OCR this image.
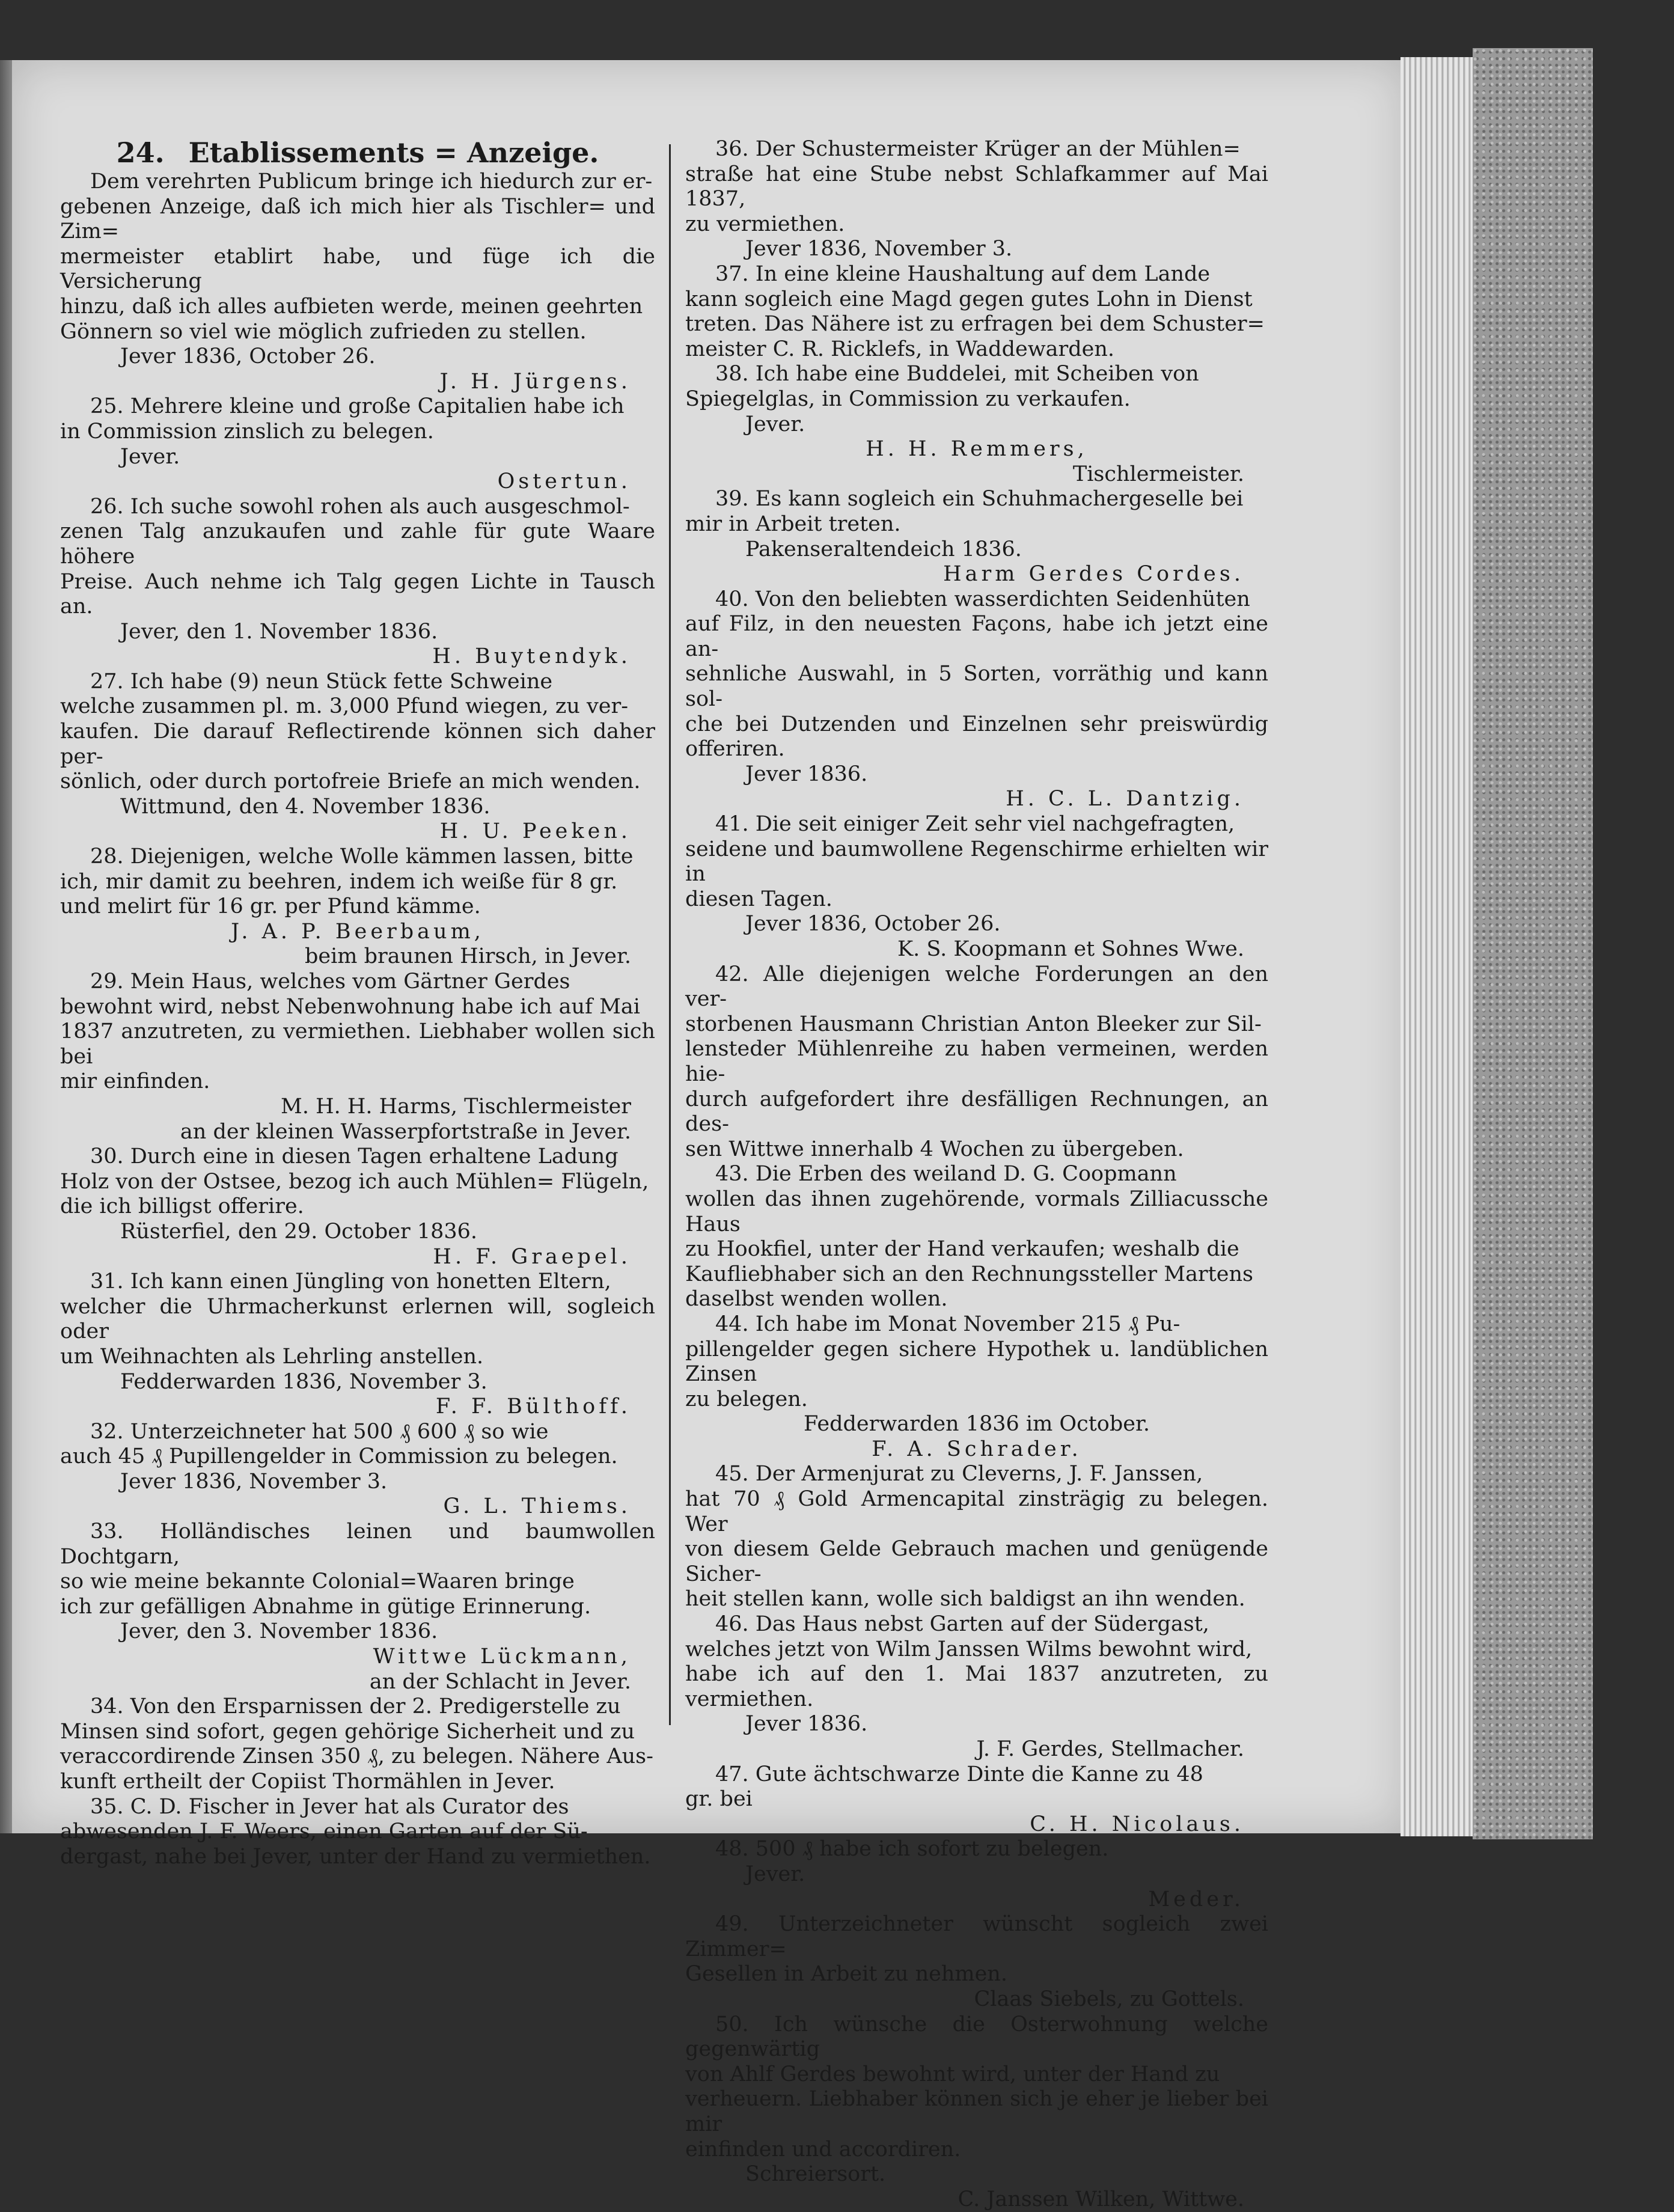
24. Etablissements = Anzeige.

Dem verehrten Publicum bringe ich hiedurch zur er-

gebenen Anzeige, daß ich mich hier als Tischler= und Zim=

mermeister etablirt habe, und füge ich die Versicherung

hinzu, daß ich alles aufbieten werde, meinen geehrten

Gönnern so viel wie möglich zufrieden zu stellen.

Jever 1836, October 26.

J. H. Jürgens.

25. Mehrere kleine und große Capitalien habe ich

in Commission zinslich zu belegen.

Jever.

Ostertun.

26. Ich suche sowohl rohen als auch ausgeschmol-

zenen Talg anzukaufen und zahle für gute Waare höhere

Preise. Auch nehme ich Talg gegen Lichte in Tausch an.

Jever, den 1. November 1836.

H. Buytendyk.

27. Ich habe (9) neun Stück fette Schweine

welche zusammen pl. m. 3,000 Pfund wiegen, zu ver-

kaufen. Die darauf Reflectirende können sich daher per-

sönlich, oder durch portofreie Briefe an mich wenden.

Wittmund, den 4. November 1836.

H. U. Peeken.

28. Diejenigen, welche Wolle kämmen lassen, bitte

ich, mir damit zu beehren, indem ich weiße für 8 gr.

und melirt für 16 gr. per Pfund kämme.

J. A. P. Beerbaum,

beim braunen Hirsch, in Jever.

29. Mein Haus, welches vom Gärtner Gerdes

bewohnt wird, nebst Nebenwohnung habe ich auf Mai

1837 anzutreten, zu vermiethen. Liebhaber wollen sich bei

mir einfinden.

M. H. H. Harms, Tischlermeister

an der kleinen Wasserpfortstraße in Jever.

30. Durch eine in diesen Tagen erhaltene Ladung

Holz von der Ostsee, bezog ich auch Mühlen= Flügeln,

die ich billigst offerire.

Rüsterfiel, den 29. October 1836.

H. F. Graepel.

31. Ich kann einen Jüngling von honetten Eltern,

welcher die Uhrmacherkunst erlernen will, sogleich oder

um Weihnachten als Lehrling anstellen.

Fedderwarden 1836, November 3.

F. F. Bülthoff.

32. Unterzeichneter hat 500 ₰ 600 ₰ so wie

auch 45 ₰ Pupillengelder in Commission zu belegen.

Jever 1836, November 3.

G. L. Thiems.

33. Holländisches leinen und baumwollen Dochtgarn,

so wie meine bekannte Colonial=Waaren bringe

ich zur gefälligen Abnahme in gütige Erinnerung.

Jever, den 3. November 1836.

Wittwe Lückmann,

an der Schlacht in Jever.

34. Von den Ersparnissen der 2. Predigerstelle zu

Minsen sind sofort, gegen gehörige Sicherheit und zu

veraccordirende Zinsen 350 ₰, zu belegen. Nähere Aus-

kunft ertheilt der Copiist Thormählen in Jever.

35. C. D. Fischer in Jever hat als Curator des

abwesenden J. F. Weers, einen Garten auf der Sü-

dergast, nahe bei Jever, unter der Hand zu vermiethen.

36. Der Schustermeister Krüger an der Mühlen=

straße hat eine Stube nebst Schlafkammer auf Mai 1837,

zu vermiethen.

Jever 1836, November 3.

37. In eine kleine Haushaltung auf dem Lande

kann sogleich eine Magd gegen gutes Lohn in Dienst

treten. Das Nähere ist zu erfragen bei dem Schuster=

meister C. R. Ricklefs, in Waddewarden.

38. Ich habe eine Buddelei, mit Scheiben von

Spiegelglas, in Commission zu verkaufen.

Jever.

H. H. Remmers,

Tischlermeister.

39. Es kann sogleich ein Schuhmachergeselle bei

mir in Arbeit treten.

Pakenseraltendeich 1836.

Harm Gerdes Cordes.

40. Von den beliebten wasserdichten Seidenhüten

auf Filz, in den neuesten Façons, habe ich jetzt eine an-

sehnliche Auswahl, in 5 Sorten, vorräthig und kann sol-

che bei Dutzenden und Einzelnen sehr preiswürdig offeriren.

Jever 1836.

H. C. L. Dantzig.

41. Die seit einiger Zeit sehr viel nachgefragten,

seidene und baumwollene Regenschirme erhielten wir in

diesen Tagen.

Jever 1836, October 26.

K. S. Koopmann et Sohnes Wwe.

42. Alle diejenigen welche Forderungen an den ver-

storbenen Hausmann Christian Anton Bleeker zur Sil-

lensteder Mühlenreihe zu haben vermeinen, werden hie-

durch aufgefordert ihre desfälligen Rechnungen, an des-

sen Wittwe innerhalb 4 Wochen zu übergeben.

43. Die Erben des weiland D. G. Coopmann

wollen das ihnen zugehörende, vormals Zilliacussche Haus

zu Hookfiel, unter der Hand verkaufen; weshalb die

Kaufliebhaber sich an den Rechnungssteller Martens

daselbst wenden wollen.

44. Ich habe im Monat November 215 ₰ Pu-

pillengelder gegen sichere Hypothek u. landüblichen Zinsen

zu belegen.

Fedderwarden 1836 im October.

F. A. Schrader.

45. Der Armenjurat zu Cleverns, J. F. Janssen,

hat 70 ₰ Gold Armencapital zinsträgig zu belegen. Wer

von diesem Gelde Gebrauch machen und genügende Sicher-

heit stellen kann, wolle sich baldigst an ihn wenden.

46. Das Haus nebst Garten auf der Südergast,

welches jetzt von Wilm Janssen Wilms bewohnt wird,

habe ich auf den 1. Mai 1837 anzutreten, zu vermiethen.

Jever 1836.

J. F. Gerdes, Stellmacher.

47. Gute ächtschwarze Dinte die Kanne zu 48

gr. bei

C. H. Nicolaus.

48. 500 ₰ habe ich sofort zu belegen.

Jever.

Meder.

49. Unterzeichneter wünscht sogleich zwei Zimmer=

Gesellen in Arbeit zu nehmen.

Claas Siebels, zu Gottels.

50. Ich wünsche die Osterwohnung welche gegenwärtig

von Ahlf Gerdes bewohnt wird, unter der Hand zu

verheuern. Liebhaber können sich je eher je lieber bei mir

einfinden und accordiren.

Schreiersort.

C. Janssen Wilken, Wittwe.
